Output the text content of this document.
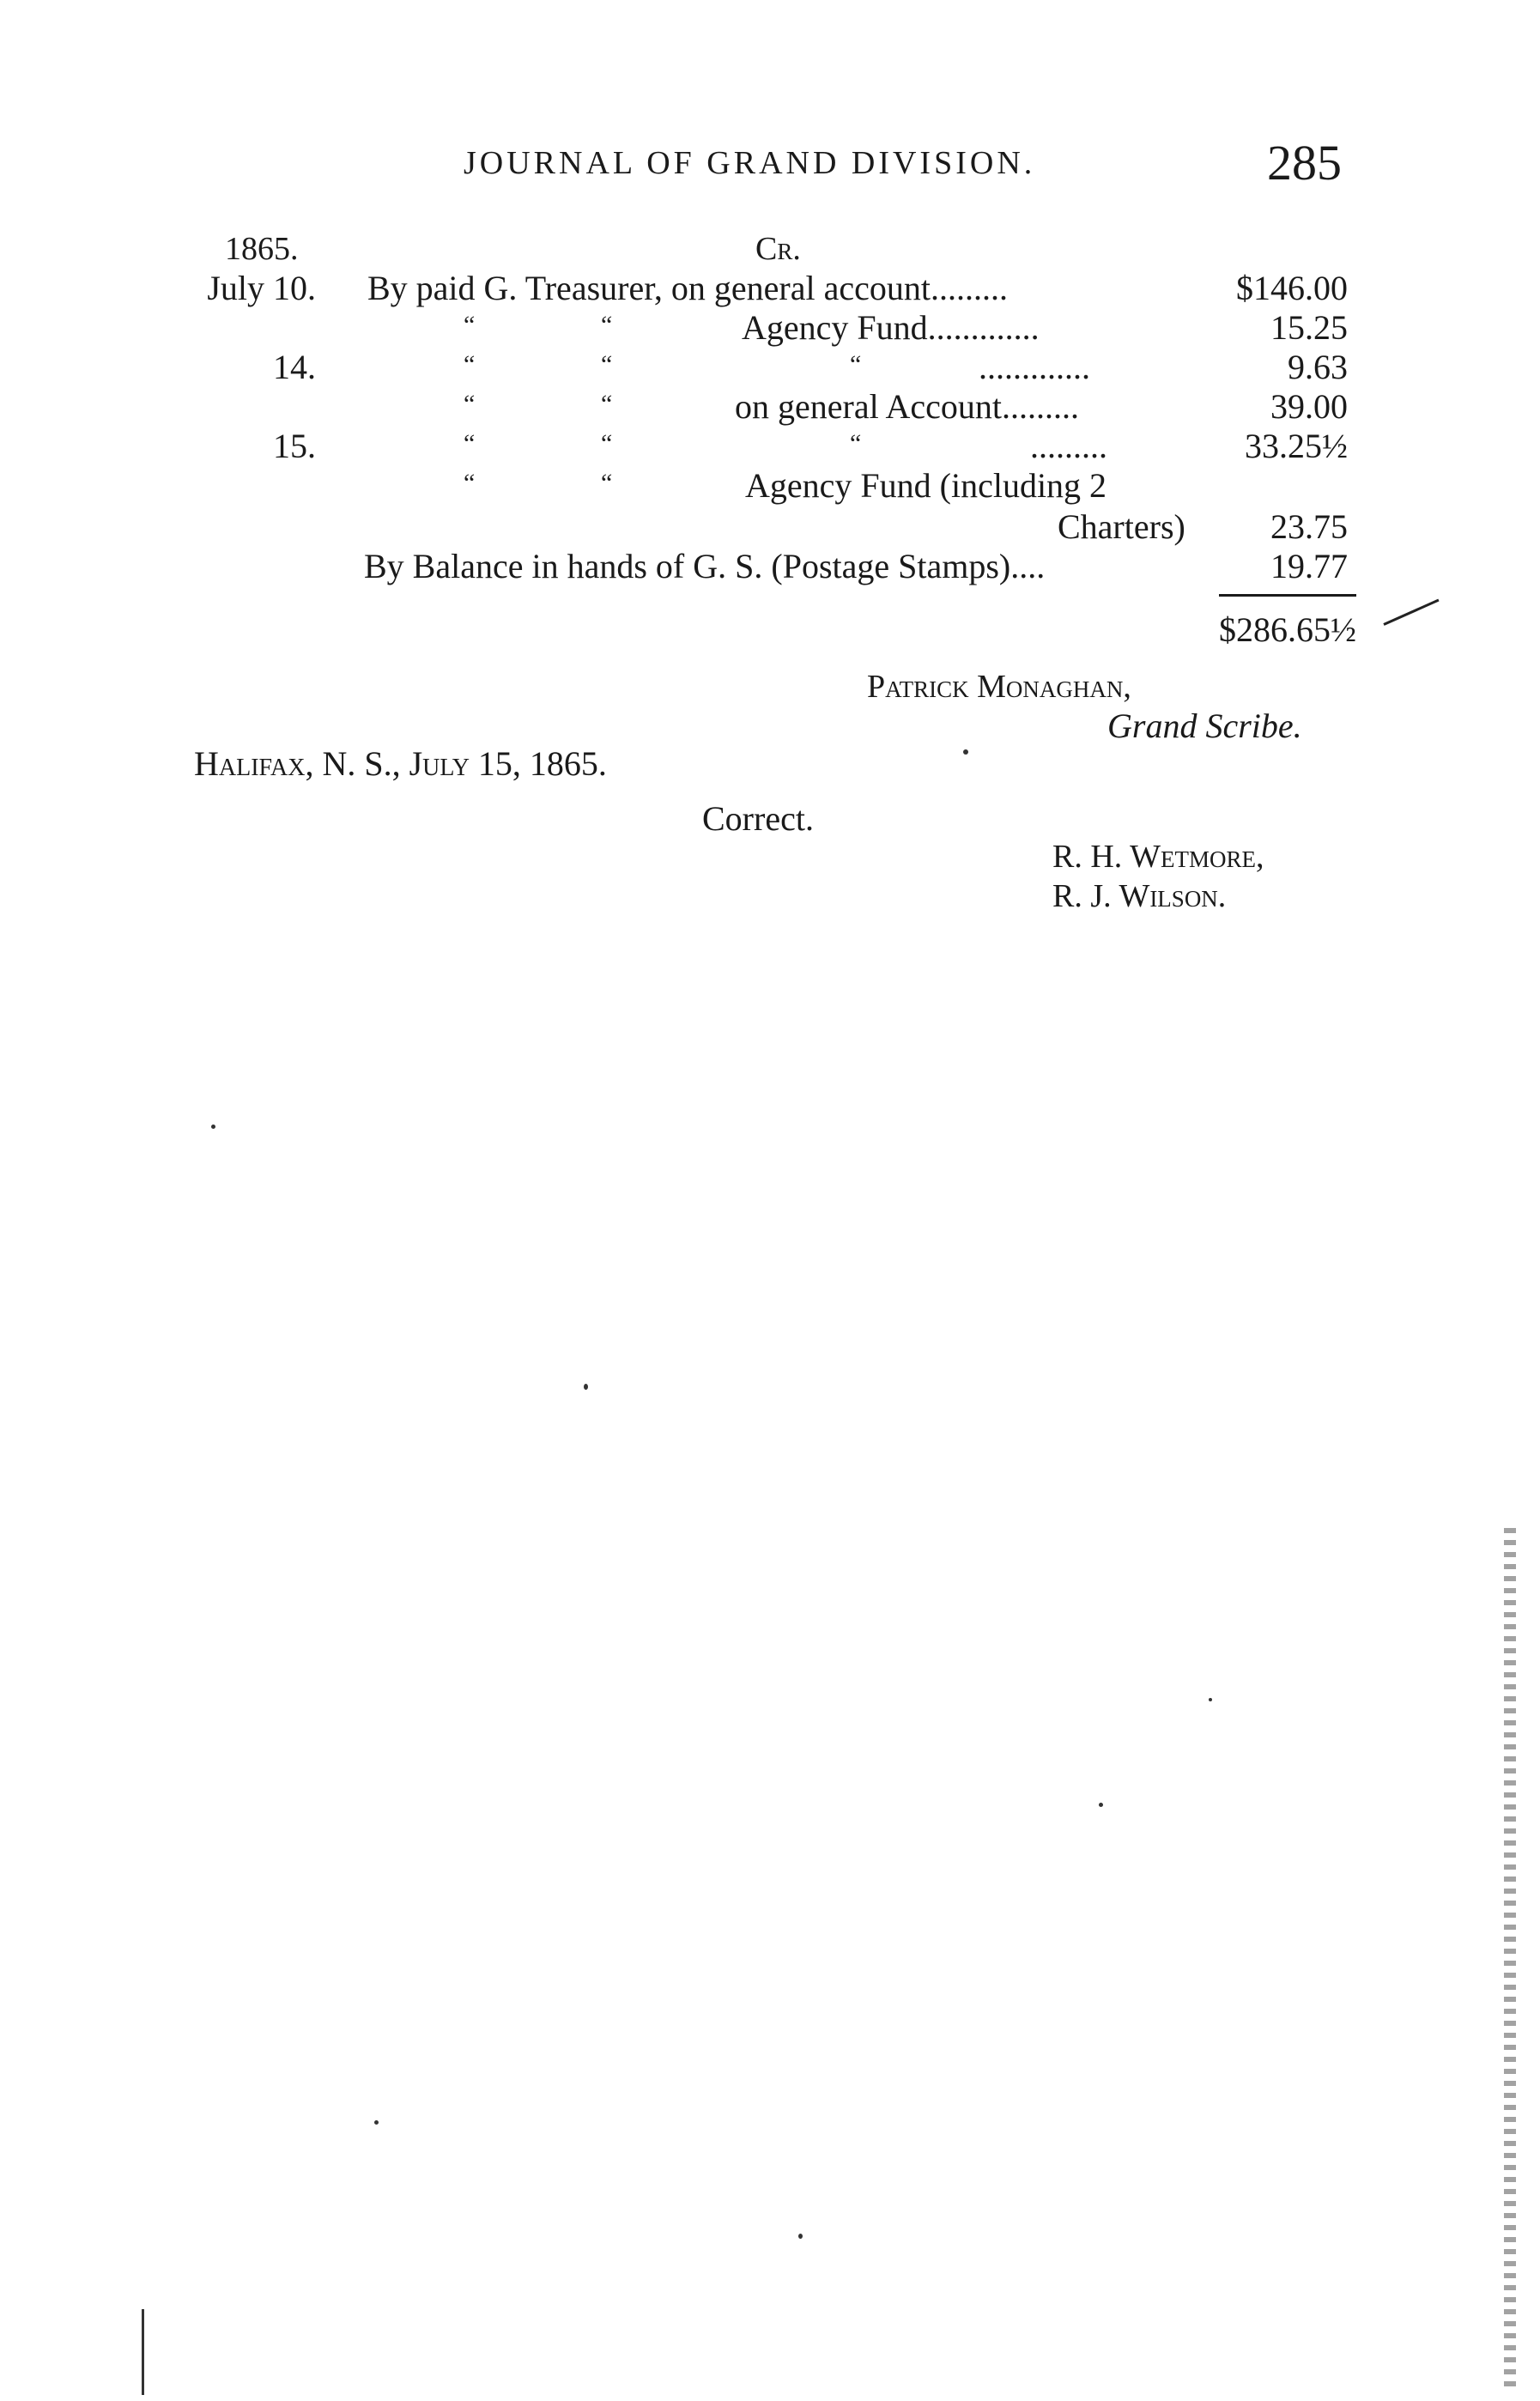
JOURNAL OF GRAND DIVISION.	285
1865.	Cr.
July 10. By paid G. Treasurer, on general account.........	$146.00
“	“	Agency Fund.............	15.25
14.	“	“	“	.............	9.63
“	“	on general Account.........	39.00
15.	“	“	“	.........	33.25½
“	“	Agency Fund (including 2
Charters)	23.75
By Balance in hands of G. S. (Postage Stamps)....	19.77
$286.65½
Patrick Monaghan,
Grand Scribe.
Halifax, N. S., July 15, 1865.
Correct.
R. H. Wetmore,
R. J. Wilson.
